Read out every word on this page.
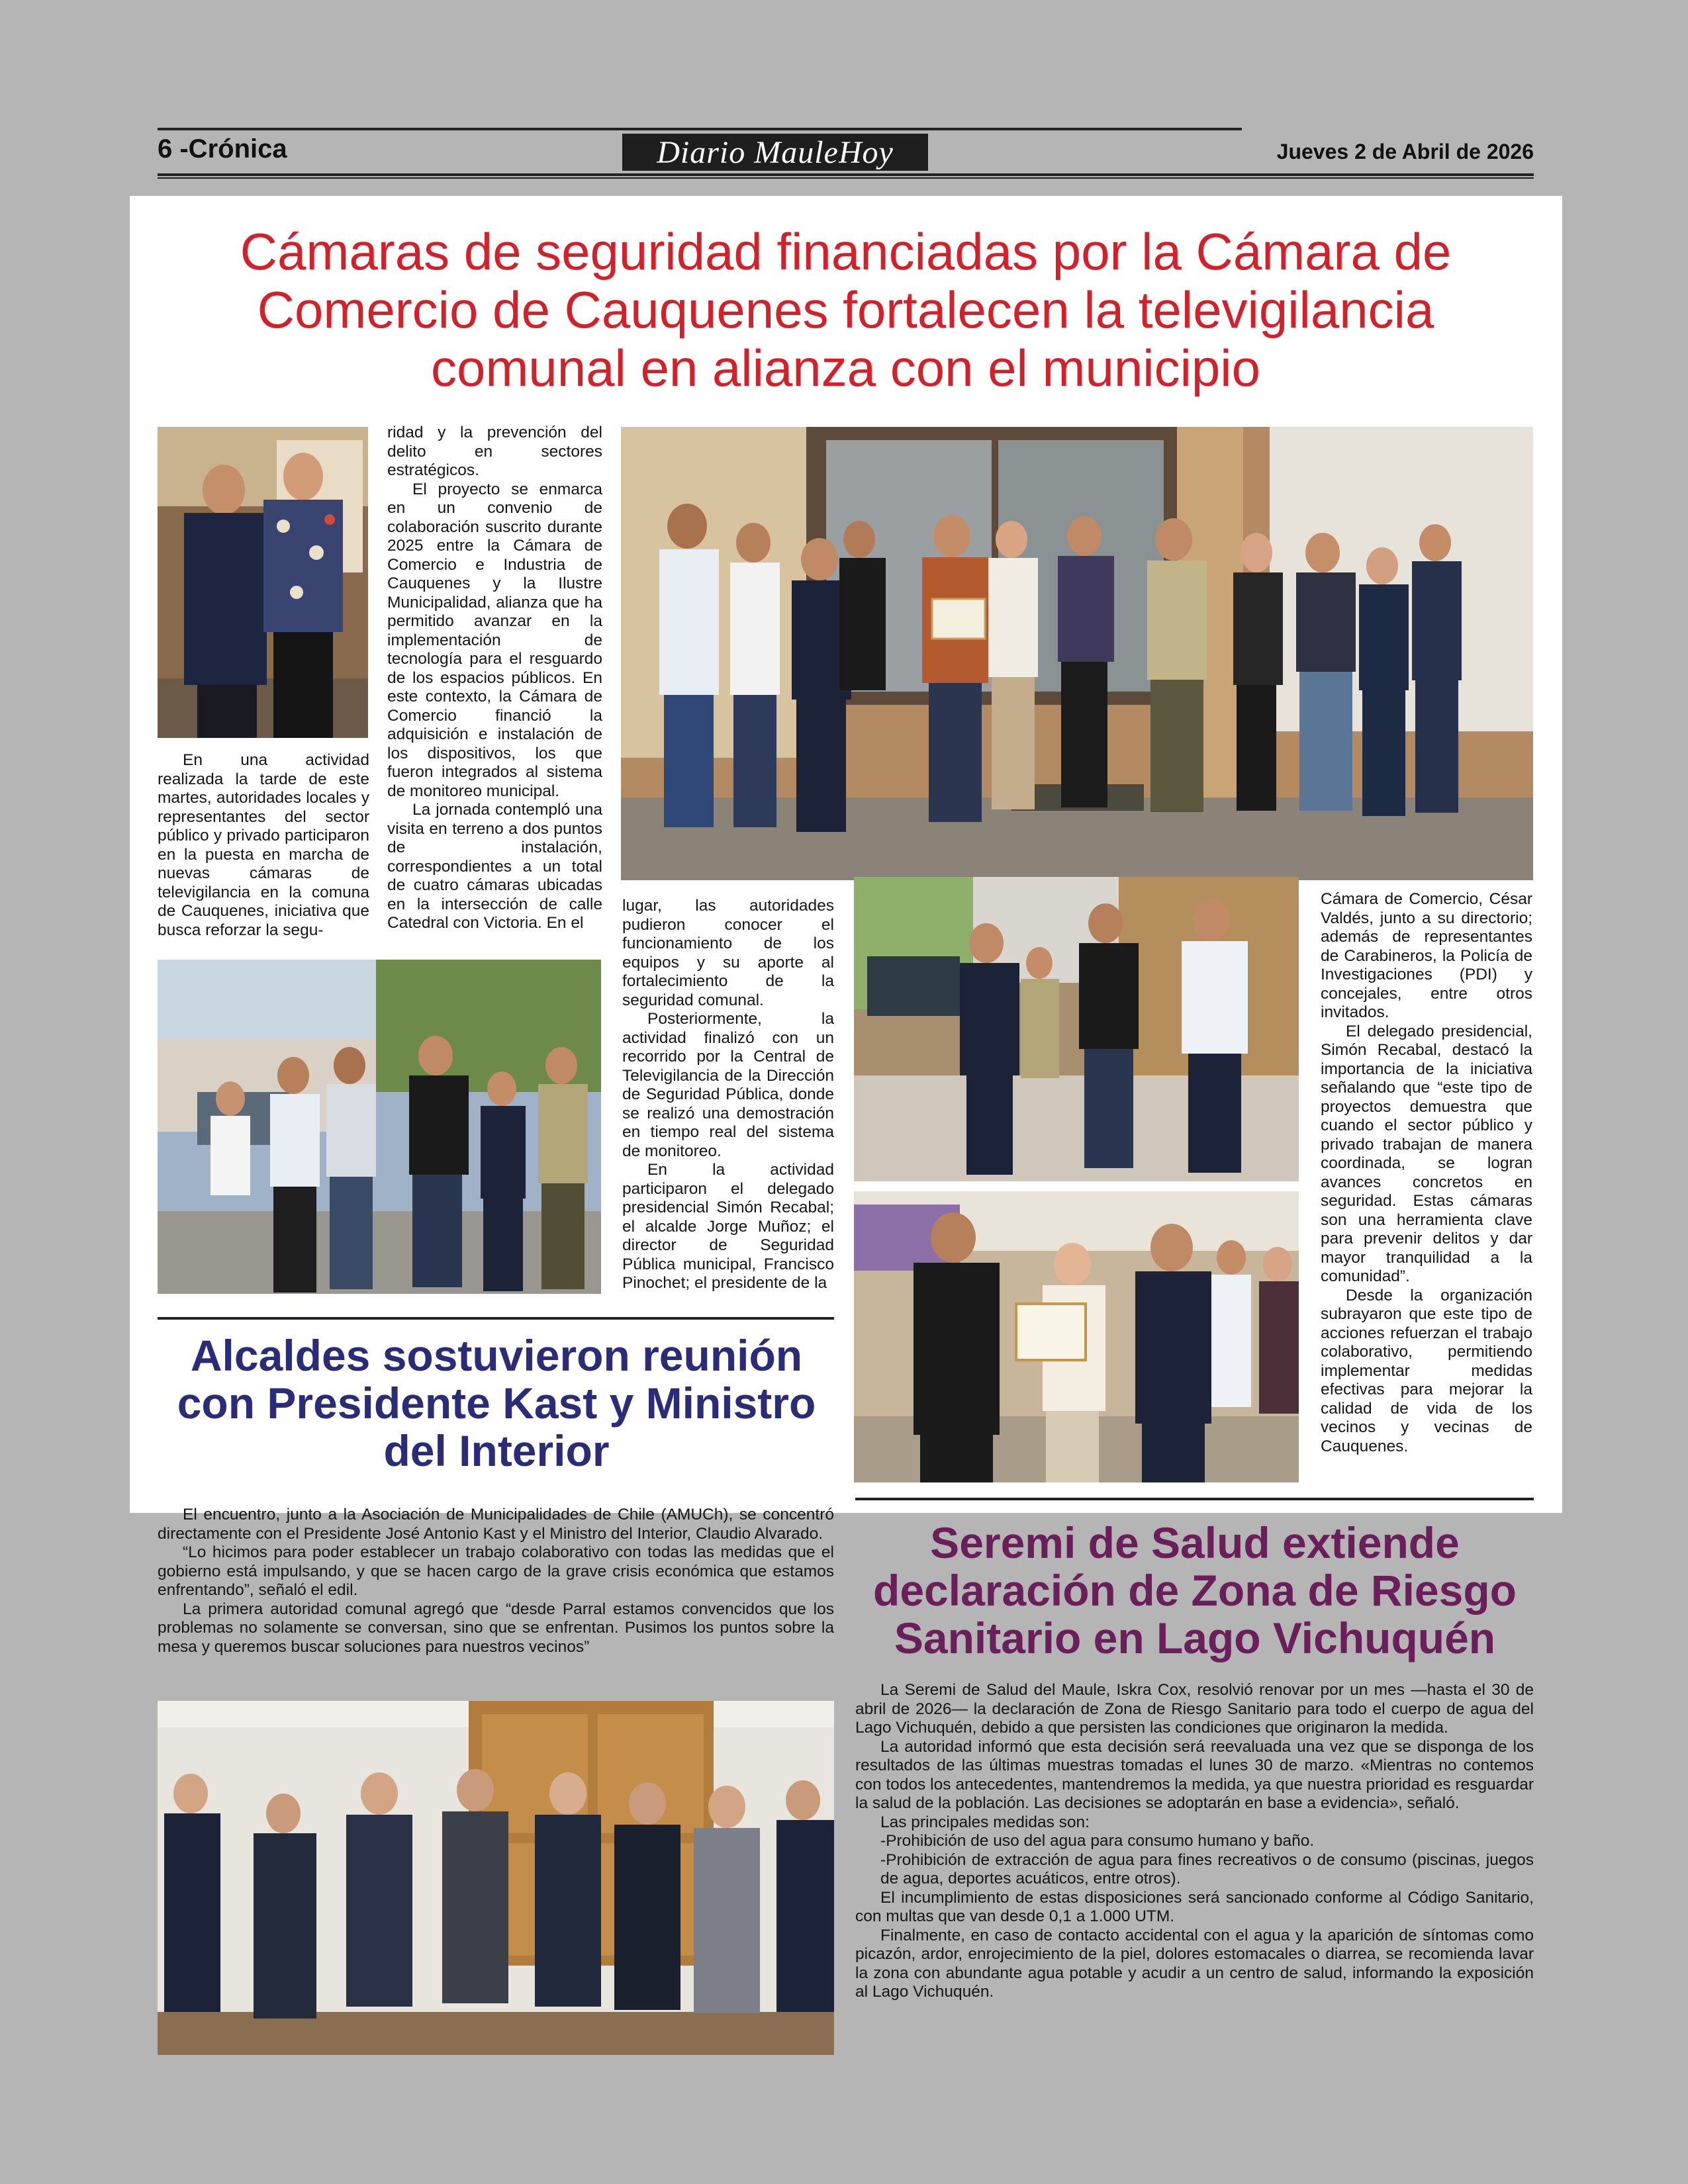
6 -Crónica	Diario MauleHoy	Jueves 2 de Abril de 2026
Cámaras de seguridad financiadas por la Cámara de Comercio de Cauquenes fortalecen la televigilancia comunal en alianza con el municipio

En una actividad realizada la tarde de este martes, autoridades locales y representantes del sector público y privado participaron en la puesta en marcha de nuevas cámaras de televigilancia en la comuna de Cauquenes, iniciativa que busca reforzar la segu-

ridad y la prevención del delito en sectores estratégicos.

El proyecto se enmarca en un convenio de colaboración suscrito durante 2025 entre la Cámara de Comercio e Industria de Cauquenes y la Ilustre Municipalidad, alianza que ha permitido avanzar en la implementación de tecnología para el resguardo de los espacios públicos. En este contexto, la Cámara de Comercio financió la adquisición e instalación de los dispositivos, los que fueron integrados al sistema de monitoreo municipal.

La jornada contempló una visita en terreno a dos puntos de instalación, correspondientes a un total de cuatro cámaras ubicadas en la intersección de calle Catedral con Victoria. En el

lugar, las autoridades pudieron conocer el funcionamiento de los equipos y su aporte al fortalecimiento de la seguridad comunal.

Posteriormente, la actividad finalizó con un recorrido por la Central de Televigilancia de la Dirección de Seguridad Pública, donde se realizó una demostración en tiempo real del sistema de monitoreo.

En la actividad participaron el delegado presidencial Simón Recabal; el alcalde Jorge Muñoz; el director de Seguridad Pública municipal, Francisco Pinochet; el presidente de la

Cámara de Comercio, César Valdés, junto a su directorio; además de representantes de Carabineros, la Policía de Investigaciones (PDI) y concejales, entre otros invitados.

El delegado presidencial, Simón Recabal, destacó la importancia de la iniciativa señalando que “este tipo de proyectos demuestra que cuando el sector público y privado trabajan de manera coordinada, se logran avances concretos en seguridad. Estas cámaras son una herramienta clave para prevenir delitos y dar mayor tranquilidad a la comunidad”.

Desde la organización subrayaron que este tipo de acciones refuerzan el trabajo colaborativo, permitiendo implementar medidas efectivas para mejorar la calidad de vida de los vecinos y vecinas de Cauquenes.

Alcaldes sostuvieron reunión con Presidente Kast y Ministro del Interior

El encuentro, junto a la Asociación de Municipalidades de Chile (AMUCh), se concentró directamente con el Presidente José Antonio Kast y el Ministro del Interior, Claudio Alvarado.

“Lo hicimos para poder establecer un trabajo colaborativo con todas las medidas que el gobierno está impulsando, y que se hacen cargo de la grave crisis económica que estamos enfrentando”, señaló el edil.

La primera autoridad comunal agregó que “desde Parral estamos convencidos que los problemas no solamente se conversan, sino que se enfrentan. Pusimos los puntos sobre la mesa y queremos buscar soluciones para nuestros vecinos”

Seremi de Salud extiende declaración de Zona de Riesgo Sanitario en Lago Vichuquén

La Seremi de Salud del Maule, Iskra Cox, resolvió renovar por un mes —hasta el 30 de abril de 2026— la declaración de Zona de Riesgo Sanitario para todo el cuerpo de agua del Lago Vichuquén, debido a que persisten las condiciones que originaron la medida.

La autoridad informó que esta decisión será reevaluada una vez que se disponga de los resultados de las últimas muestras tomadas el lunes 30 de marzo. «Mientras no contemos con todos los antecedentes, mantendremos la medida, ya que nuestra prioridad es resguardar la salud de la población. Las decisiones se adoptarán en base a evidencia», señaló.

Las principales medidas son:

-Prohibición de uso del agua para consumo humano y baño.

-Prohibición de extracción de agua para fines recreativos o de consumo (piscinas, juegos de agua, deportes acuáticos, entre otros).

El incumplimiento de estas disposiciones será sancionado conforme al Código Sanitario, con multas que van desde 0,1 a 1.000 UTM.

Finalmente, en caso de contacto accidental con el agua y la aparición de síntomas como picazón, ardor, enrojecimiento de la piel, dolores estomacales o diarrea, se recomienda lavar la zona con abundante agua potable y acudir a un centro de salud, informando la exposición al Lago Vichuquén.
